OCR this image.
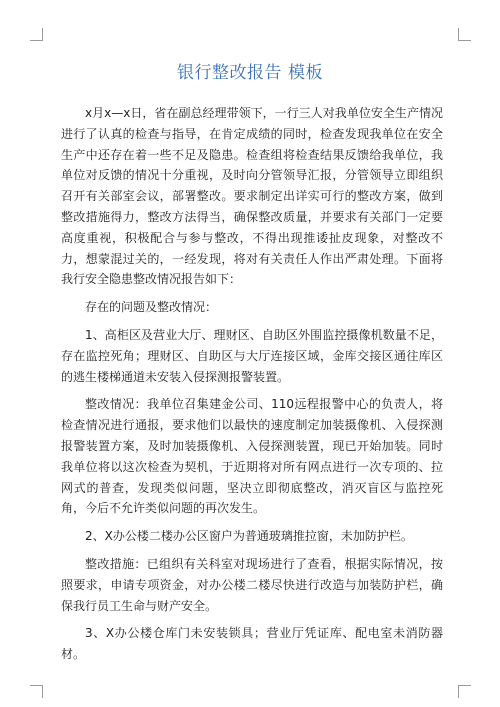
银行整改报告 模板

x月x—x日，省在副总经理带领下，一行三人对我单位安全生产情况进行了认真的检查与指导，在肯定成绩的同时，检查发现我单位在安全生产中还存在着一些不足及隐患。检查组将检查结果反馈给我单位，我单位对反馈的情况十分重视，及时向分管领导汇报，分管领导立即组织召开有关部室会议，部署整改。要求制定出详实可行的整改方案，做到整改措施得力，整改方法得当，确保整改质量，并要求有关部门一定要高度重视，积极配合与参与整改，不得出现推诿扯皮现象，对整改不力，想蒙混过关的，一经发现，将对有关责任人作出严肃处理。下面将我行安全隐患整改情况报告如下：

存在的问题及整改情况：

1、高柜区及营业大厅、理财区、自助区外围监控摄像机数量不足，存在监控死角；理财区、自助区与大厅连接区域，金库交接区通往库区的逃生楼梯通道未安装入侵探测报警装置。

整改情况：我单位召集建金公司、110远程报警中心的负责人，将检查情况进行通报，要求他们以最快的速度制定加装摄像机、入侵探测报警装置方案，及时加装摄像机、入侵探测装置，现已开始加装。同时我单位将以这次检查为契机，于近期将对所有网点进行一次专项的、拉网式的普查，发现类似问题，坚决立即彻底整改，消灭盲区与监控死角，今后不允许类似问题的再次发生。

2、X办公楼二楼办公区窗户为普通玻璃推拉窗，未加防护栏。

整改措施：已组织有关科室对现场进行了查看，根据实际情况，按照要求，申请专项资金，对办公楼二楼尽快进行改造与加装防护栏，确保我行员工生命与财产安全。

3、X办公楼仓库门未安装锁具；营业厅凭证库、配电室未消防器材。
